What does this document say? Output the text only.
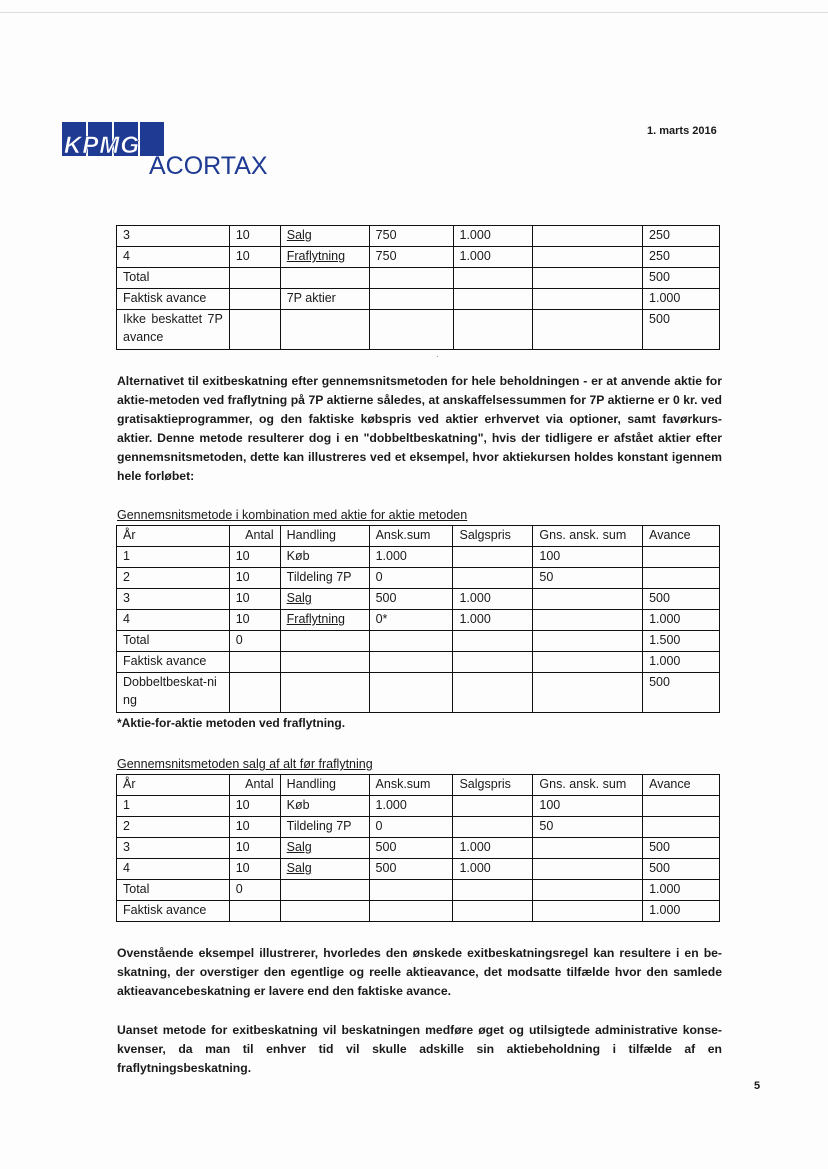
KPMG
ACORTAX
1. marts 2016
3	10	Salg	750	1.000		250
4	10	Fraflytning	750	1.000		250
Total						500
Faktisk avance		7P aktier				1.000
Ikke beskattet 7P avance						500
Alternativet til exitbeskatning efter gennemsnitsmetoden for hele beholdningen - er at anvende aktie for aktie-metoden ved fraflytning på 7P aktierne således, at anskaffelsessummen for 7P aktierne er 0 kr. ved gratisaktieprogrammer, og den faktiske købspris ved aktier erhvervet via optioner, samt favørkurs-aktier. Denne metode resulterer dog i en "dobbeltbeskatning", hvis der tidligere er afstået aktier efter gennemsnitsmetoden, dette kan illustreres ved et eksempel, hvor aktiekursen holdes konstant igennem hele forløbet:
Gennemsnitsmetode i kombination med aktie for aktie metoden
År	Antal	Handling	Ansk.sum	Salgspris	Gns. ansk. sum	Avance
1	10	Køb	1.000		100	
2	10	Tildeling 7P	0		50	
3	10	Salg	500	1.000		500
4	10	Fraflytning	0*	1.000		1.000
Total	0					1.500
Faktisk avance						1.000
Dobbeltbeskat-ning						500
*Aktie-for-aktie metoden ved fraflytning.
Gennemsnitsmetoden salg af alt før fraflytning
År	Antal	Handling	Ansk.sum	Salgspris	Gns. ansk. sum	Avance
1	10	Køb	1.000		100	
2	10	Tildeling 7P	0		50	
3	10	Salg	500	1.000		500
4	10	Salg	500	1.000		500
Total	0					1.000
Faktisk avance						1.000
Ovenstående eksempel illustrerer, hvorledes den ønskede exitbeskatningsregel kan resultere i en be-skatning, der overstiger den egentlige og reelle aktieavance, det modsatte tilfælde hvor den samlede aktieavancebeskatning er lavere end den faktiske avance.
Uanset metode for exitbeskatning vil beskatningen medføre øget og utilsigtede administrative konse-kvenser, da man til enhver tid vil skulle adskille sin aktiebeholdning i tilfælde af en fraflytningsbeskatning.
5
